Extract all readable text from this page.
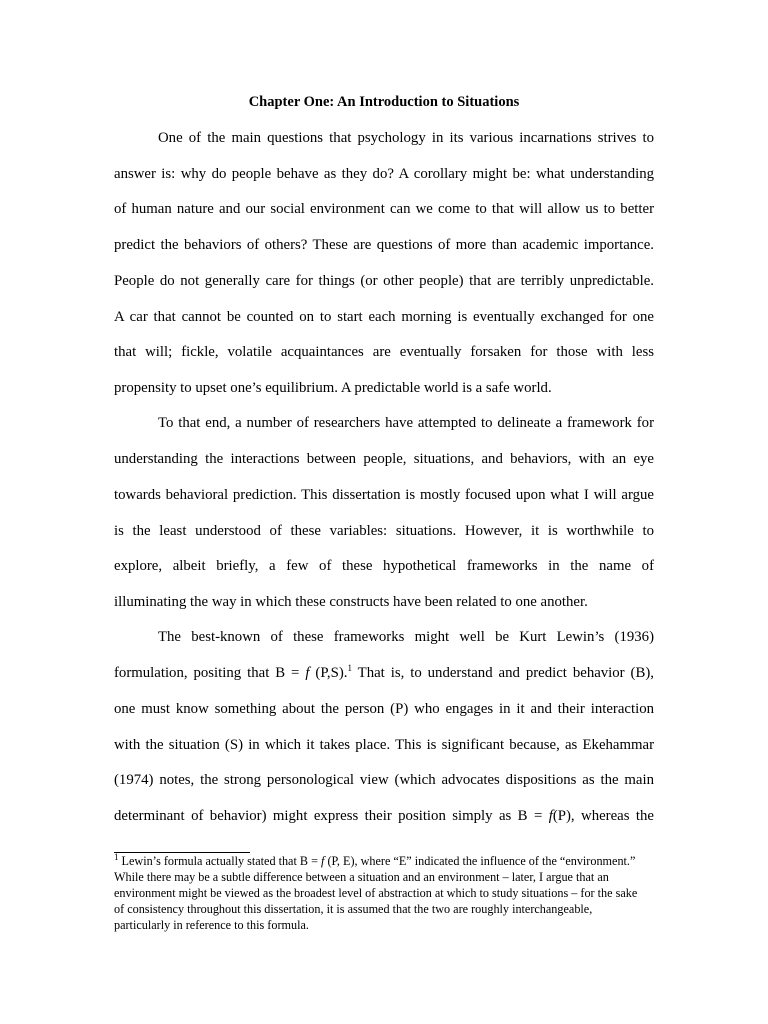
Chapter One: An Introduction to Situations

One of the main questions that psychology in its various incarnations strives to

answer is: why do people behave as they do? A corollary might be: what understanding

of human nature and our social environment can we come to that will allow us to better

predict the behaviors of others? These are questions of more than academic importance.

People do not generally care for things (or other people) that are terribly unpredictable.

A car that cannot be counted on to start each morning is eventually exchanged for one

that will; fickle, volatile acquaintances are eventually forsaken for those with less

propensity to upset one’s equilibrium. A predictable world is a safe world.

To that end, a number of researchers have attempted to delineate a framework for

understanding the interactions between people, situations, and behaviors, with an eye

towards behavioral prediction. This dissertation is mostly focused upon what I will argue

is the least understood of these variables: situations. However, it is worthwhile to

explore, albeit briefly, a few of these hypothetical frameworks in the name of

illuminating the way in which these constructs have been related to one another.

The best-known of these frameworks might well be Kurt Lewin’s (1936)

formulation, positing that B = f (P,S).$^1$ That is, to understand and predict behavior (B),

one must know something about the person (P) who engages in it and their interaction

with the situation (S) in which it takes place. This is significant because, as Ekehammar

(1974) notes, the strong personological view (which advocates dispositions as the main

determinant of behavior) might express their position simply as B = f(P), whereas the

$^1$ Lewin’s formula actually stated that B = f (P, E), where “E” indicated the influence of the “environment.”

While there may be a subtle difference between a situation and an environment – later, I argue that an

environment might be viewed as the broadest level of abstraction at which to study situations – for the sake

of consistency throughout this dissertation, it is assumed that the two are roughly interchangeable,

particularly in reference to this formula.
